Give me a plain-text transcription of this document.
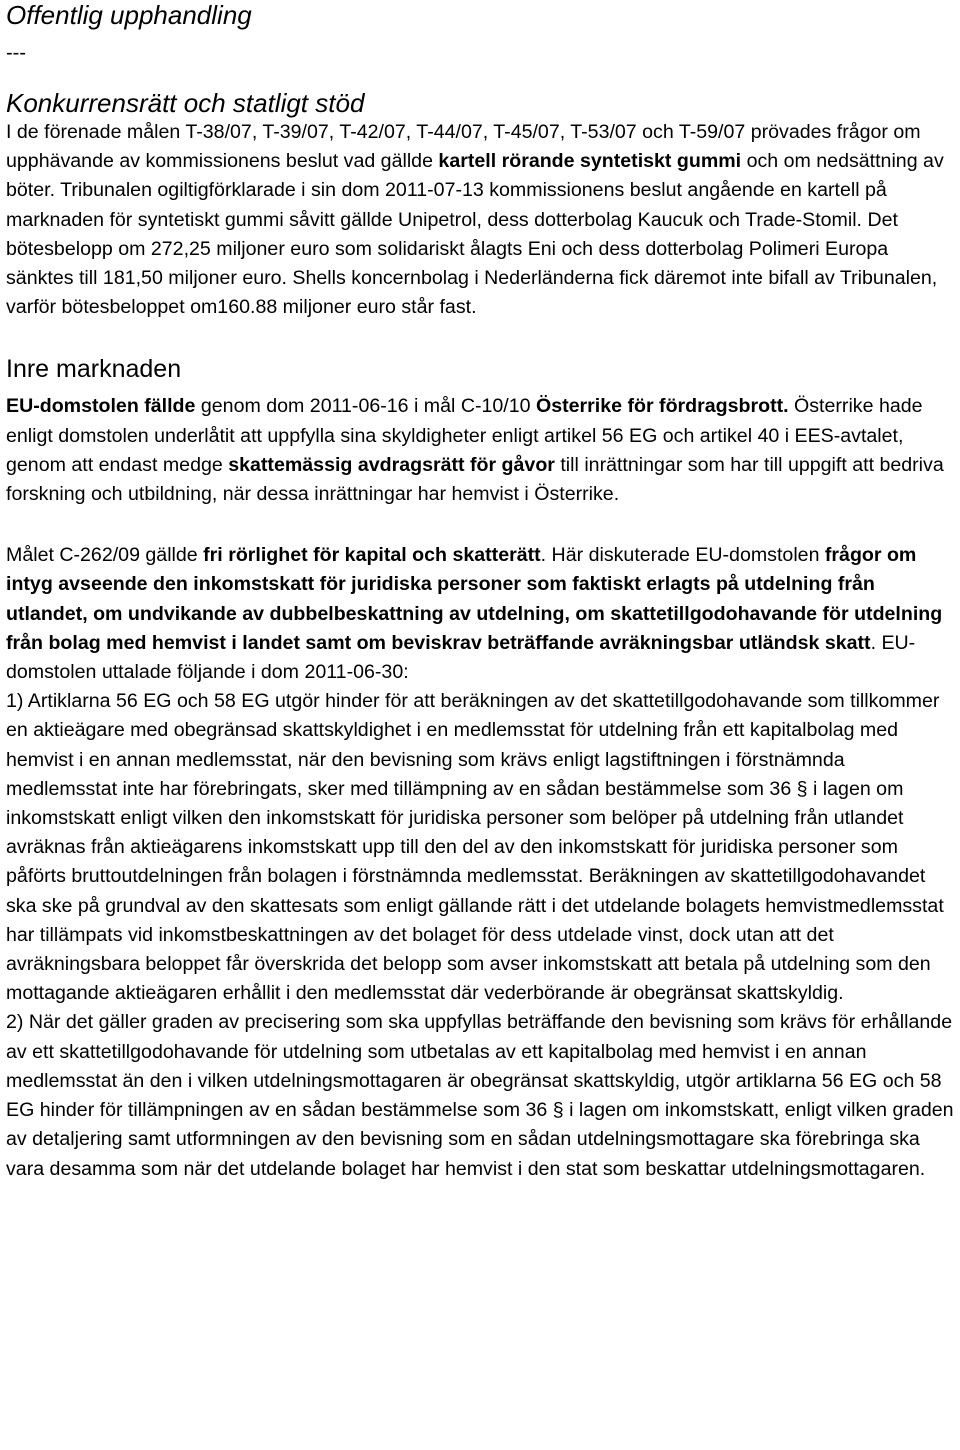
Offentlig upphandling
---
Konkurrensrätt och statligt stöd

I de förenade målen T-38/07, T-39/07, T-42/07, T-44/07, T-45/07, T-53/07 och T-59/07 prövades frågor om upphävande av kommissionens beslut vad gällde kartell rörande syntetiskt gummi och om nedsättning av böter. Tribunalen ogiltigförklarade i sin dom 2011-07-13 kommissionens beslut angående en kartell på marknaden för syntetiskt gummi såvitt gällde Unipetrol, dess dotterbolag Kaucuk och Trade-Stomil. Det bötesbelopp om 272,25 miljoner euro som solidariskt ålagts Eni och dess dotterbolag Polimeri Europa sänktes till 181,50 miljoner euro. Shells koncernbolag i Nederländerna fick däremot inte bifall av Tribunalen, varför bötesbeloppet om160.88 miljoner euro står fast.

Inre marknaden

EU-domstolen fällde genom dom 2011-06-16 i mål C-10/10 Österrike för fördragsbrott. Österrike hade enligt domstolen underlåtit att uppfylla sina skyldigheter enligt artikel 56 EG och artikel 40 i EES-avtalet, genom att endast medge skattemässig avdragsrätt för gåvor till inrättningar som har till uppgift att bedriva forskning och utbildning, när dessa inrättningar har hemvist i Österrike.

Målet C-262/09 gällde fri rörlighet för kapital och skatterätt. Här diskuterade EU-domstolen frågor om intyg avseende den inkomstskatt för juridiska personer som faktiskt erlagts på utdelning från utlandet, om undvikande av dubbelbeskattning av utdelning, om skattetillgodohavande för utdelning från bolag med hemvist i landet samt om beviskrav beträffande avräkningsbar utländsk skatt. EU-domstolen uttalade följande i dom 2011-06-30:

1) Artiklarna 56 EG och 58 EG utgör hinder för att beräkningen av det skattetillgodohavande som tillkommer en aktieägare med obegränsad skattskyldighet i en medlemsstat för utdelning från ett kapitalbolag med hemvist i en annan medlemsstat, när den bevisning som krävs enligt lagstiftningen i förstnämnda medlemsstat inte har förebringats, sker med tillämpning av en sådan bestämmelse som 36 § i lagen om inkomstskatt enligt vilken den inkomstskatt för juridiska personer som belöper på utdelning från utlandet avräknas från aktieägarens inkomstskatt upp till den del av den inkomstskatt för juridiska personer som påförts bruttoutdelningen från bolagen i förstnämnda medlemsstat. Beräkningen av skattetillgodohavandet ska ske på grundval av den skattesats som enligt gällande rätt i det utdelande bolagets hemvistmedlemsstat har tillämpats vid inkomstbeskattningen av det bolaget för dess utdelade vinst, dock utan att det avräkningsbara beloppet får överskrida det belopp som avser inkomstskatt att betala på utdelning som den mottagande aktieägaren erhållit i den medlemsstat där vederbörande är obegränsat skattskyldig.

2) När det gäller graden av precisering som ska uppfyllas beträffande den bevisning som krävs för erhållande av ett skattetillgodohavande för utdelning som utbetalas av ett kapitalbolag med hemvist i en annan medlemsstat än den i vilken utdelningsmottagaren är obegränsat skattskyldig, utgör artiklarna 56 EG och 58 EG hinder för tillämpningen av en sådan bestämmelse som 36 § i lagen om inkomstskatt, enligt vilken graden av detaljering samt utformningen av den bevisning som en sådan utdelningsmottagare ska förebringa ska vara desamma som när det utdelande bolaget har hemvist i den stat som beskattar utdelningsmottagaren.
